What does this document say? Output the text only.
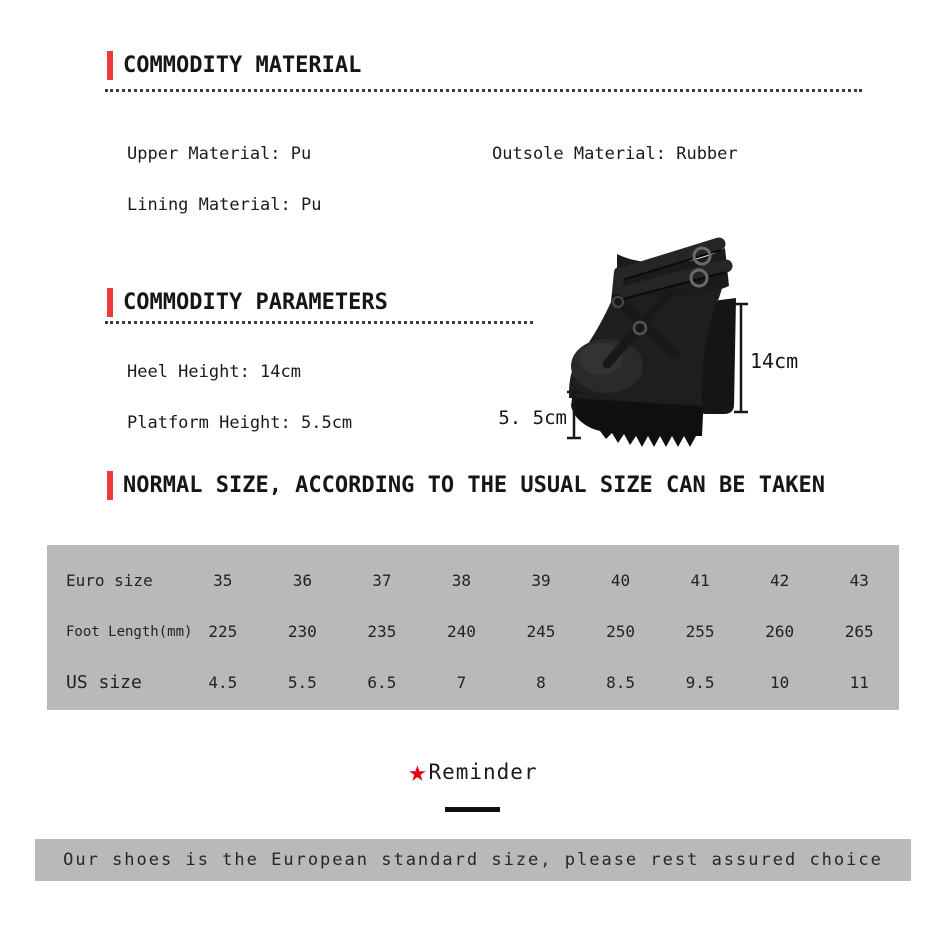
COMMODITY MATERIAL
Upper Material: Pu	Outsole Material: Rubber
Lining Material: Pu
COMMODITY PARAMETERS
Heel Height: 14cm
Platform Height: 5.5cm
14cm
5. 5cm
NORMAL SIZE, ACCORDING TO THE USUAL SIZE CAN BE TAKEN
Euro size	35	36	37	38	39	40	41	42	43
Foot Length(mm) 225	230	235	240	245	250	255	260	265
US size	4.5	5.5	6.5	7	8	8.5	9.5	10	11
★ Reminder
Our shoes is the European standard size, please rest assured choice
